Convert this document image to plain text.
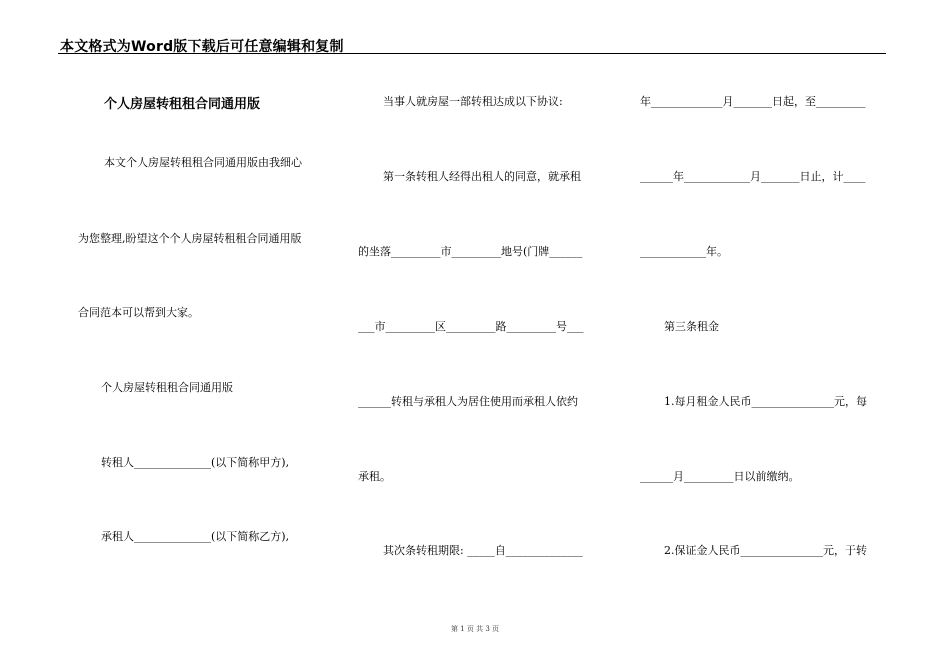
本文格式为Word版下载后可任意编辑和复制
个人房屋转租租合同通用版
本文个人房屋转租租合同通用版由我细心
为您整理,盼望这个个人房屋转租租合同通用版
合同范本可以帮到大家。
个人房屋转租租合同通用版
转租人______________(以下简称甲方),
承租人______________(以下简称乙方),
当事人就房屋一部转租达成以下协议:
第一条转租人经得出租人的同意，就承租
的坐落_________市_________地号(门牌______
___市_________区_________路_________号___
______转租与承租人为居住使用而承租人依约
承租。
其次条转租期限: _____自______________
年_____________月_______日起，至_________
______年____________月_______日止，计____
____________年。
第三条租金
1.每月租金人民币_______________元，每
______月_________日以前缴纳。
2.保证金人民币_______________元，于转
第 1 页 共 3 页
